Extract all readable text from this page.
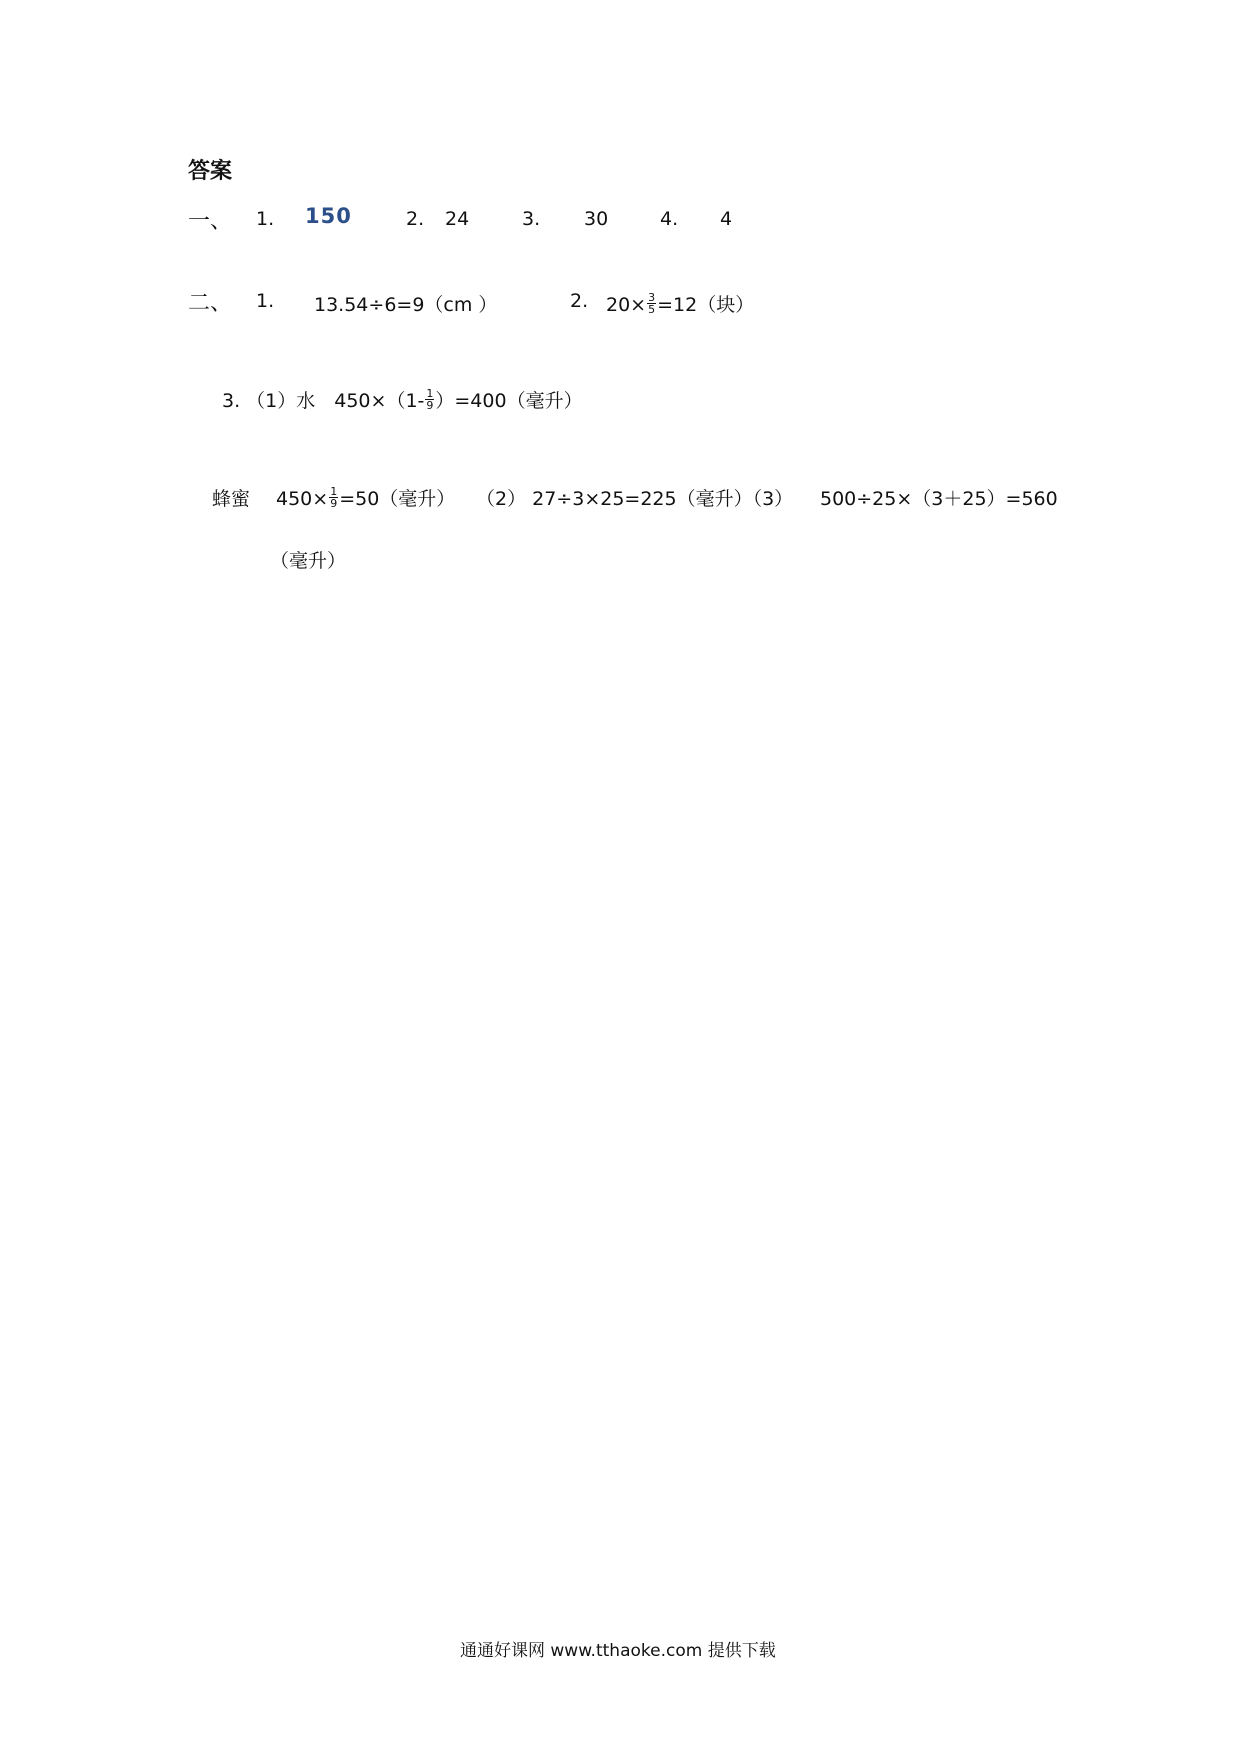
答案
一、 1. 150	2. 24	3. 30	4. 4
二、 1. 13.54÷6=9（cm ）	2. $20\times \frac{3}{5} =12$（块）
3. （1）水　$450\times(1- \frac{1}{9} )=400$（毫升）
蜂蜜 $450\times \frac{1}{9} =50$（毫升） （2） 27÷3×25=225（毫升）（3） 500÷25×（3＋25）=560
（毫升）
通通好课网 www.tthaoke.com 提供下载
